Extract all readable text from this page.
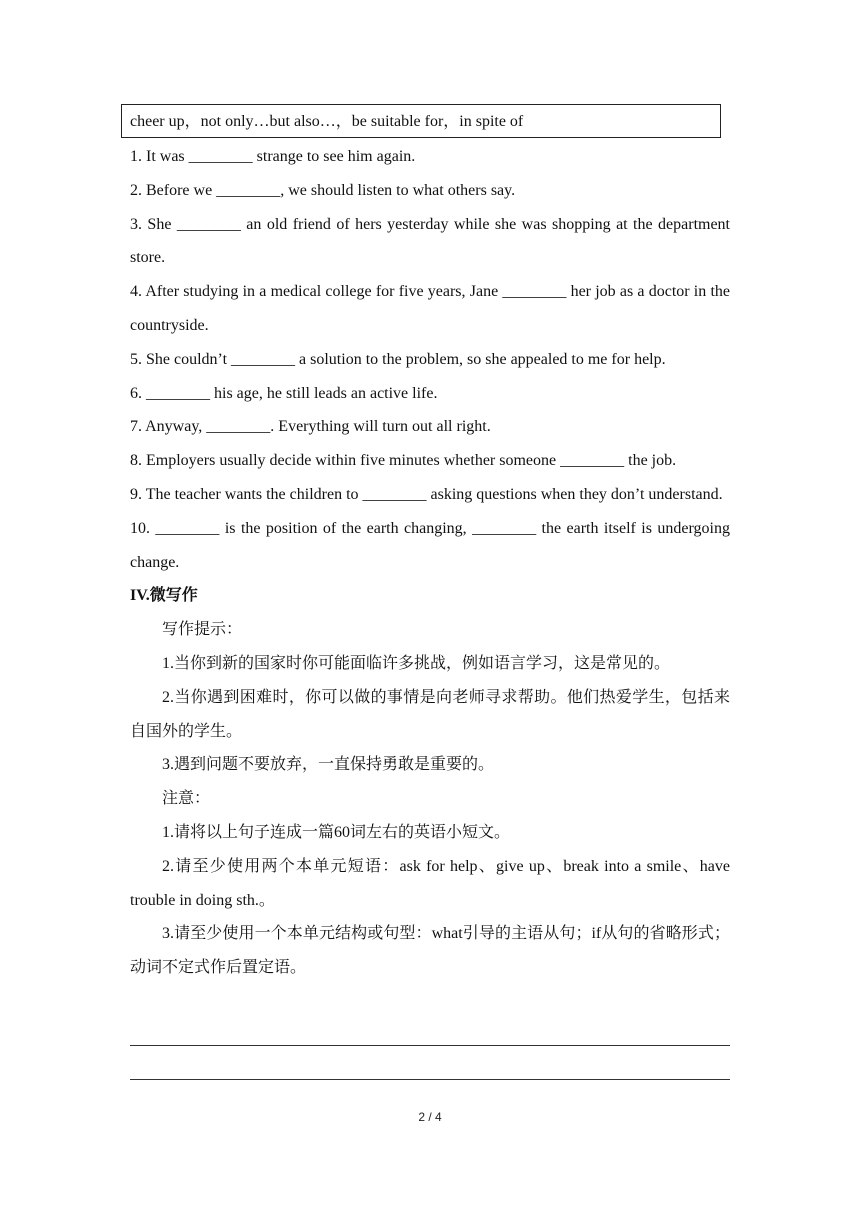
cheer up，not only…but also…，be suitable for，in spite of

1. It was ________ strange to see him again.

2. Before we ________, we should listen to what others say.

3. She ________ an old friend of hers yesterday while she was shopping at the department store.

4. After studying in a medical college for five years, Jane ________ her job as a doctor in the countryside.

5. She couldn’t ________ a solution to the problem, so she appealed to me for help.

6. ________ his age, he still leads an active life.

7. Anyway, ________. Everything will turn out all right.

8. Employers usually decide within five minutes whether someone ________ the job.

9. The teacher wants the children to ________ asking questions when they don’t understand.

10. ________ is the position of the earth changing, ________ the earth itself is undergoing change.

IV.微写作

写作提示：

1.当你到新的国家时你可能面临许多挑战，例如语言学习，这是常见的。

2.当你遇到困难时，你可以做的事情是向老师寻求帮助。他们热爱学生，包括来自国外的学生。

3.遇到问题不要放弃，一直保持勇敢是重要的。

注意：

1.请将以上句子连成一篇60词左右的英语小短文。

2.请至少使用两个本单元短语：ask for help、give up、break into a smile、have trouble in doing sth.。

3.请至少使用一个本单元结构或句型：what引导的主语从句；if从句的省略形式；动词不定式作后置定语。

2 / 4
